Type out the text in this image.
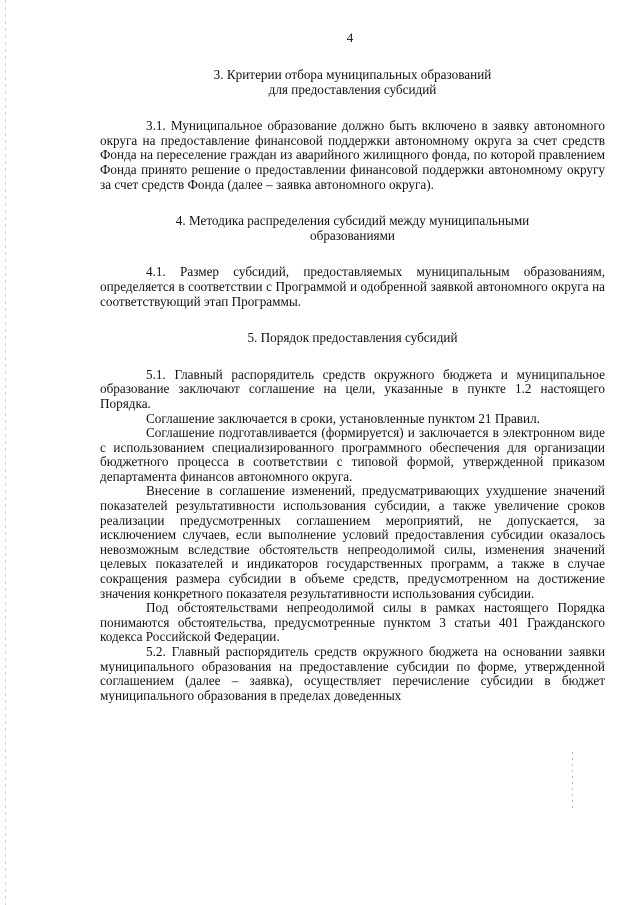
4
3. Критерии отбора муниципальных образований
для предоставления субсидий

3.1. Муниципальное образование должно быть включено в заявку автономного округа на предоставление финансовой поддержки автономному округа за счет средств Фонда на переселение граждан из аварийного жилищного фонда, по которой правлением Фонда принято решение о предоставлении финансовой поддержки автономному округу за счет средств Фонда (далее – заявка автономного округа).

4. Методика распределения субсидий между муниципальными
образованиями

4.1. Размер субсидий, предоставляемых муниципальным образованиям, определяется в соответствии с Программой и одобренной заявкой автономного округа на соответствующий этап Программы.

5. Порядок предоставления субсидий

5.1. Главный распорядитель средств окружного бюджета и муниципальное образование заключают соглашение на цели, указанные в пункте 1.2 настоящего Порядка.

Соглашение заключается в сроки, установленные пунктом 21 Правил.

Соглашение подготавливается (формируется) и заключается в электронном виде с использованием специализированного программного обеспечения для организации бюджетного процесса в соответствии с типовой формой, утвержденной приказом департамента финансов автономного округа.

Внесение в соглашение изменений, предусматривающих ухудшение значений показателей результативности использования субсидии, а также увеличение сроков реализации предусмотренных соглашением мероприятий, не допускается, за исключением случаев, если выполнение условий предоставления субсидии оказалось невозможным вследствие обстоятельств непреодолимой силы, изменения значений целевых показателей и индикаторов государственных программ, а также в случае сокращения размера субсидии в объеме средств, предусмотренном на достижение значения конкретного показателя результативности использования субсидии.

Под обстоятельствами непреодолимой силы в рамках настоящего Порядка понимаются обстоятельства, предусмотренные пунктом 3 статьи 401 Гражданского кодекса Российской Федерации.

5.2. Главный распорядитель средств окружного бюджета на основании заявки муниципального образования на предоставление субсидии по форме, утвержденной соглашением (далее – заявка), осуществляет перечисление субсидии в бюджет муниципального образования в пределах доведенных
